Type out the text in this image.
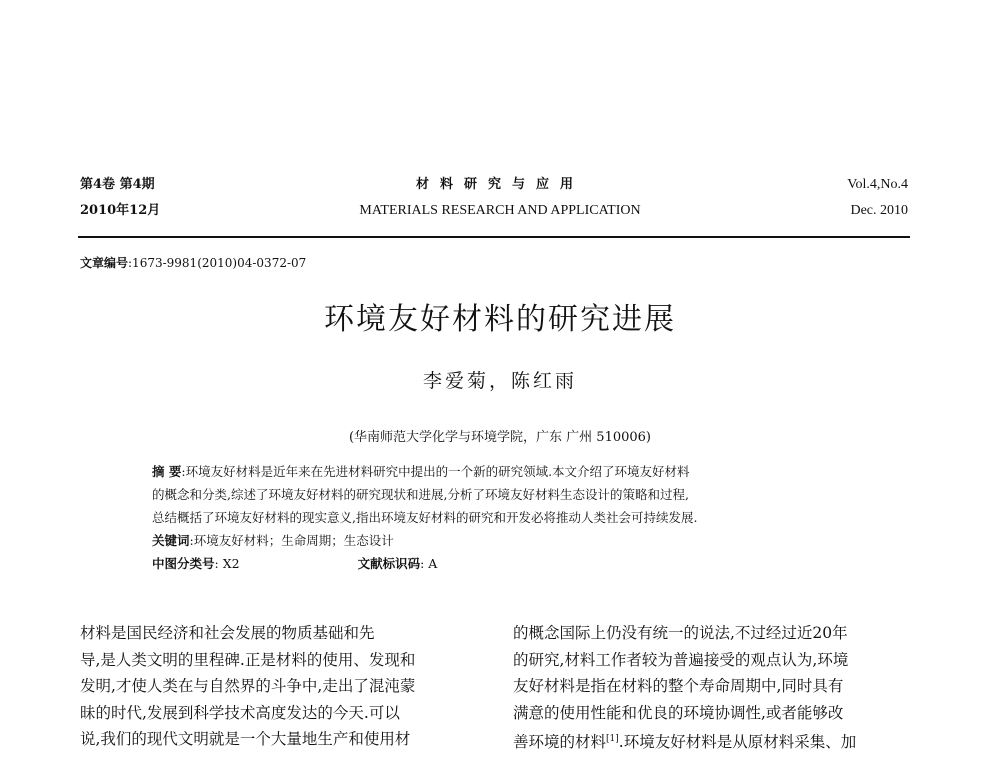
第4卷 第4期
2010年12月
材料研究与应用
MATERIALS RESEARCH AND APPLICATION
Vol.4,No.4
Dec. 2010
文章编号:1673-9981(2010)04-0372-07
环境友好材料的研究进展
李爱菊，陈红雨
(华南师范大学化学与环境学院，广东 广州 510006)
摘 要:环境友好材料是近年来在先进材料研究中提出的一个新的研究领域.本文介绍了环境友好材料
的概念和分类,综述了环境友好材料的研究现状和进展,分析了环境友好材料生态设计的策略和过程,
总结概括了环境友好材料的现实意义,指出环境友好材料的研究和开发必将推动人类社会可持续发展.
关键词:环境友好材料；生命周期；生态设计
中图分类号: X2	文献标识码: A
材料是国民经济和社会发展的物质基础和先
导,是人类文明的里程碑.正是材料的使用、发现和
发明,才使人类在与自然界的斗争中,走出了混沌蒙
昧的时代,发展到科学技术高度发达的今天.可以
说,我们的现代文明就是一个大量地生产和使用材
的概念国际上仍没有统一的说法,不过经过近20年
的研究,材料工作者较为普遍接受的观点认为,环境
友好材料是指在材料的整个寿命周期中,同时具有
满意的使用性能和优良的环境协调性,或者能够改
善环境的材料[1].环境友好材料是从原材料采集、加
